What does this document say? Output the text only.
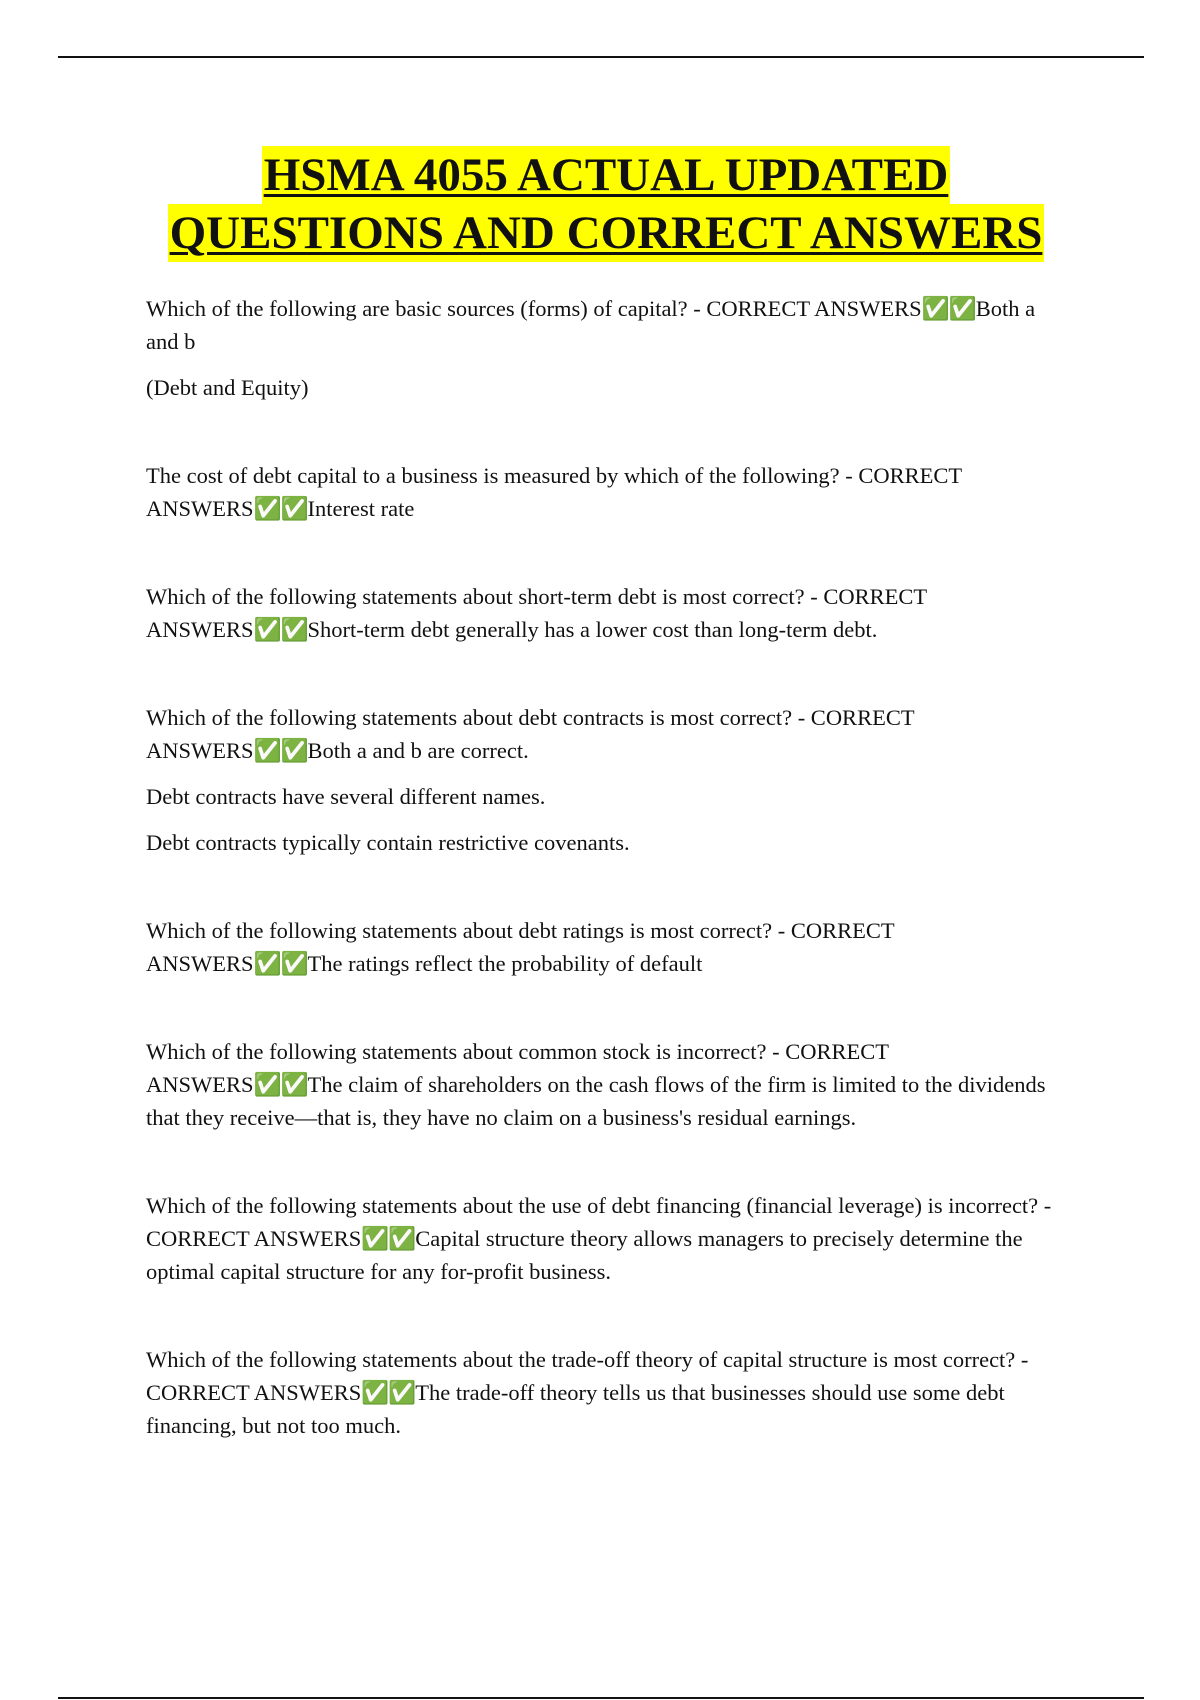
HSMA 4055 ACTUAL UPDATED
QUESTIONS AND CORRECT ANSWERS

Which of the following are basic sources (forms) of capital? - CORRECT ANSWERS✅✅Both a and b

(Debt and Equity)

The cost of debt capital to a business is measured by which of the following? - CORRECT ANSWERS✅✅Interest rate

Which of the following statements about short-term debt is most correct? - CORRECT ANSWERS✅✅Short-term debt generally has a lower cost than long-term debt.

Which of the following statements about debt contracts is most correct? - CORRECT ANSWERS✅✅Both a and b are correct.

Debt contracts have several different names.

Debt contracts typically contain restrictive covenants.

Which of the following statements about debt ratings is most correct? - CORRECT ANSWERS✅✅The ratings reflect the probability of default

Which of the following statements about common stock is incorrect? - CORRECT ANSWERS✅✅The claim of shareholders on the cash flows of the firm is limited to the dividends that they receive—that is, they have no claim on a business's residual earnings.

Which of the following statements about the use of debt financing (financial leverage) is incorrect? - CORRECT ANSWERS✅✅Capital structure theory allows managers to precisely determine the optimal capital structure for any for-profit business.

Which of the following statements about the trade-off theory of capital structure is most correct? - CORRECT ANSWERS✅✅The trade-off theory tells us that businesses should use some debt financing, but not too much.
